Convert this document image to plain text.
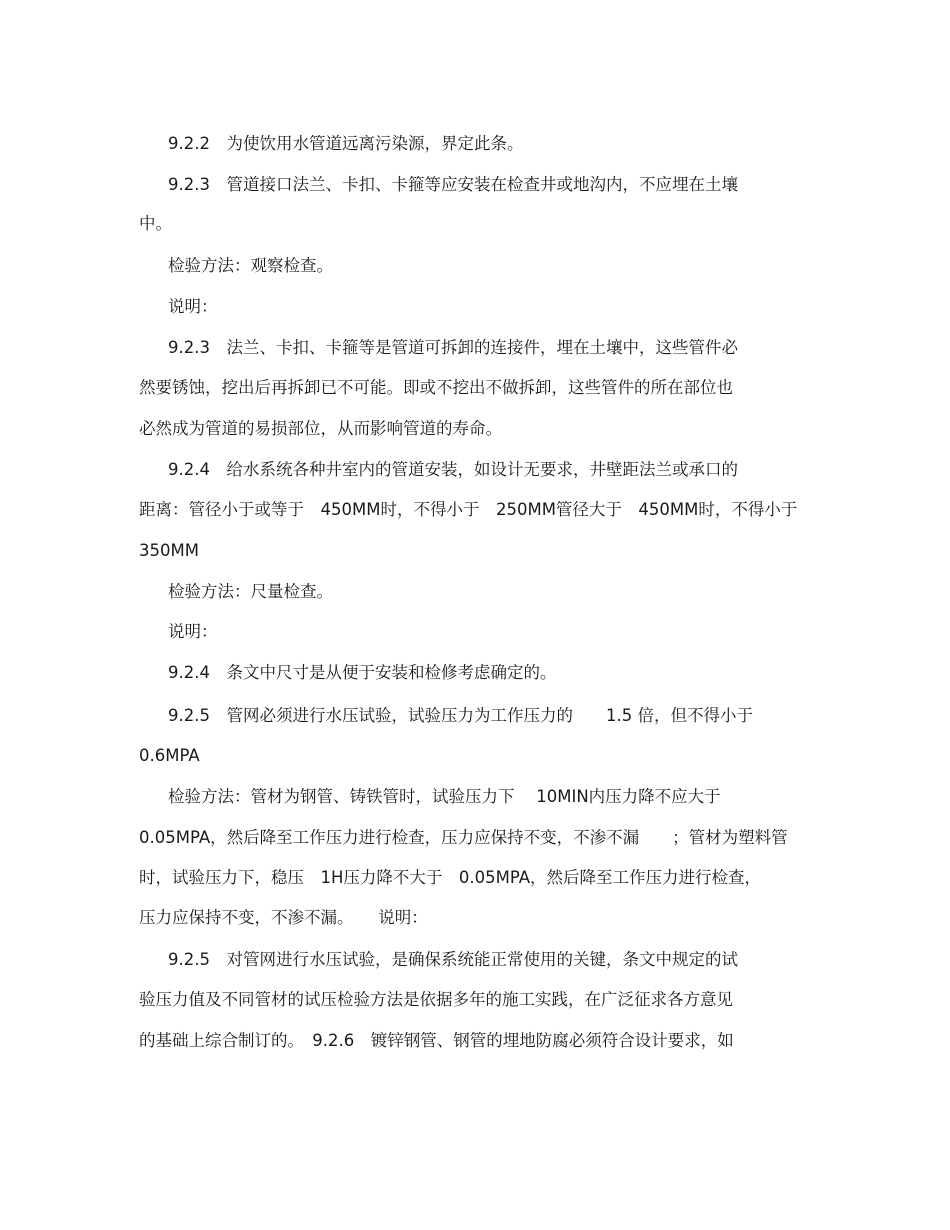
9.2.2　为使饮用水管道远离污染源，界定此条。
9.2.3　管道接口法兰、卡扣、卡箍等应安装在检查井或地沟内，不应埋在土壤
中。
检验方法：观察检查。
说明：
9.2.3　法兰、卡扣、卡箍等是管道可拆卸的连接件，埋在土壤中，这些管件必
然要锈蚀，挖出后再拆卸已不可能。即或不挖出不做拆卸，这些管件的所在部位也
必然成为管道的易损部位，从而影响管道的寿命。
9.2.4　给水系统各种井室内的管道安装，如设计无要求，井壁距法兰或承口的
距离：管径小于或等于　450MM时，不得小于　250MM管径大于　450MM时，不得小于
350MM
检验方法：尺量检查。
说明：
9.2.4　条文中尺寸是从便于安装和检修考虑确定的。
9.2.5　管网必须进行水压试验，试验压力为工作压力的　　1.5 倍，但不得小于
0.6MPA
检验方法：管材为钢管、铸铁管时，试验压力下　 10MIN内压力降不应大于
0.05MPA，然后降至工作压力进行检查，压力应保持不变，不渗不漏　　；管材为塑料管
时，试验压力下，稳压　1H压力降不大于　0.05MPA，然后降至工作压力进行检查，
压力应保持不变，不渗不漏。　　说明：
9.2.5　对管网进行水压试验，是确保系统能正常使用的关键，条文中规定的试
验压力值及不同管材的试压检验方法是依据多年的施工实践，在广泛征求各方意见
的基础上综合制订的。　9.2.6　镀锌钢管、钢管的埋地防腐必须符合设计要求，如
